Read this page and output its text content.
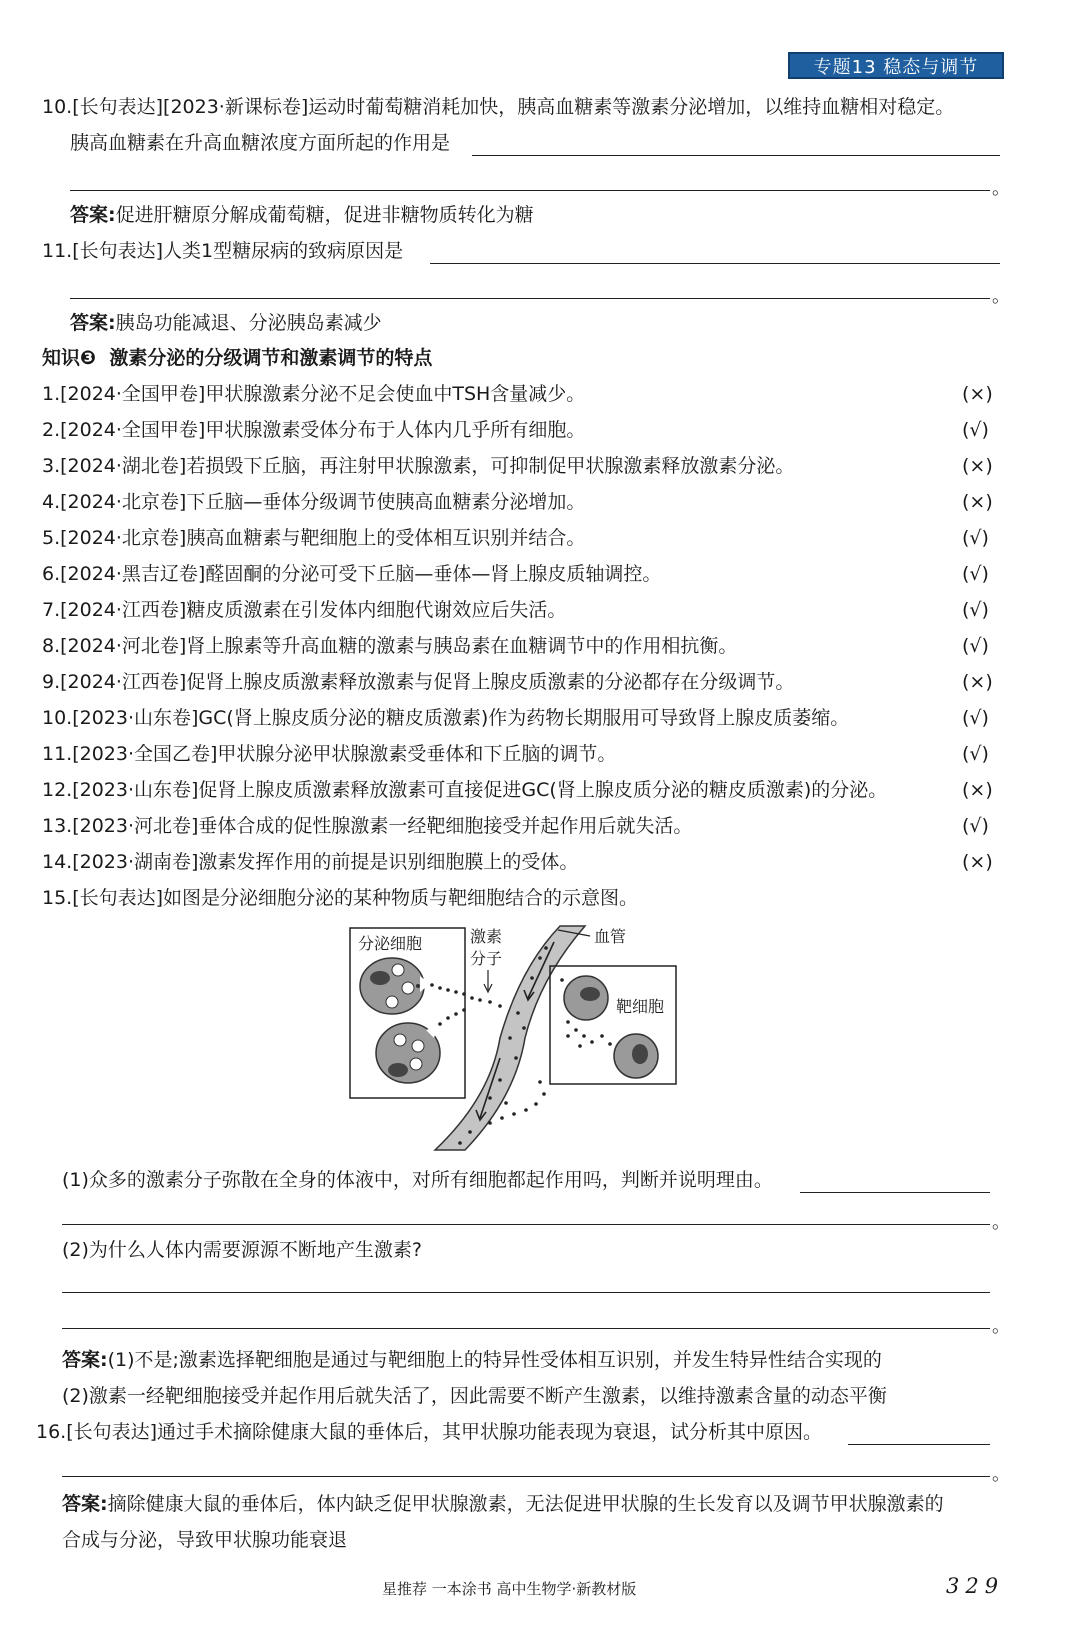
专题13 稳态与调节
10.[长句表达][2023·新课标卷]运动时葡萄糖消耗加快，胰高血糖素等激素分泌增加，以维持血糖相对稳定。
胰高血糖素在升高血糖浓度方面所起的作用是
。
答案:促进肝糖原分解成葡萄糖，促进非糖物质转化为糖
11.[长句表达]人类1型糖尿病的致病原因是
。
答案:胰岛功能减退、分泌胰岛素减少
知识❸ 激素分泌的分级调节和激素调节的特点
1.[2024·全国甲卷]甲状腺激素分泌不足会使血中TSH含量减少。	(×)
2.[2024·全国甲卷]甲状腺激素受体分布于人体内几乎所有细胞。	(√)
3.[2024·湖北卷]若损毁下丘脑，再注射甲状腺激素，可抑制促甲状腺激素释放激素分泌。	(×)
4.[2024·北京卷]下丘脑—垂体分级调节使胰高血糖素分泌增加。	(×)
5.[2024·北京卷]胰高血糖素与靶细胞上的受体相互识别并结合。	(√)
6.[2024·黑吉辽卷]醛固酮的分泌可受下丘脑—垂体—肾上腺皮质轴调控。	(√)
7.[2024·江西卷]糖皮质激素在引发体内细胞代谢效应后失活。	(√)
8.[2024·河北卷]肾上腺素等升高血糖的激素与胰岛素在血糖调节中的作用相抗衡。	(√)
9.[2024·江西卷]促肾上腺皮质激素释放激素与促肾上腺皮质激素的分泌都存在分级调节。	(×)
10.[2023·山东卷]GC(肾上腺皮质分泌的糖皮质激素)作为药物长期服用可导致肾上腺皮质萎缩。	(√)
11.[2023·全国乙卷]甲状腺分泌甲状腺激素受垂体和下丘脑的调节。	(√)
12.[2023·山东卷]促肾上腺皮质激素释放激素可直接促进GC(肾上腺皮质分泌的糖皮质激素)的分泌。	(×)
13.[2023·河北卷]垂体合成的促性腺激素一经靶细胞接受并起作用后就失活。	(√)
14.[2023·湖南卷]激素发挥作用的前提是识别细胞膜上的受体。	(×)
15.[长句表达]如图是分泌细胞分泌的某种物质与靶细胞结合的示意图。
分泌细胞	激素
分子
靶细胞
血管
(1)众多的激素分子弥散在全身的体液中，对所有细胞都起作用吗，判断并说明理由。
。
(2)为什么人体内需要源源不断地产生激素?
。
答案:(1)不是;激素选择靶细胞是通过与靶细胞上的特异性受体相互识别，并发生特异性结合实现的
(2)激素一经靶细胞接受并起作用后就失活了，因此需要不断产生激素，以维持激素含量的动态平衡
16.[长句表达]通过手术摘除健康大鼠的垂体后，其甲状腺功能表现为衰退，试分析其中原因。
。
答案:摘除健康大鼠的垂体后，体内缺乏促甲状腺激素，无法促进甲状腺的生长发育以及调节甲状腺激素的
合成与分泌，导致甲状腺功能衰退
星推荐 一本涂书 高中生物学·新教材版	329
